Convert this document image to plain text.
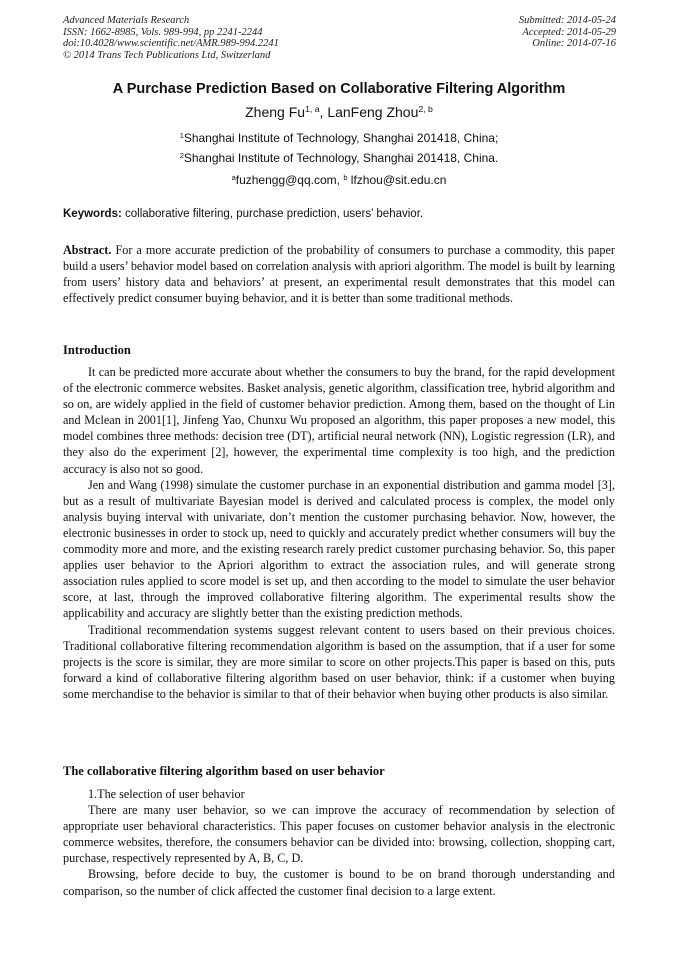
Advanced Materials Research
ISSN: 1662-8985, Vols. 989-994, pp 2241-2244
doi:10.4028/www.scientific.net/AMR.989-994.2241
© 2014 Trans Tech Publications Ltd, Switzerland
Submitted: 2014-05-24
Accepted: 2014-05-29
Online: 2014-07-16
A Purchase Prediction Based on Collaborative Filtering Algorithm
Zheng Fu$^{1, a}$, LanFeng Zhou$^{2, b}$
$^1$Shanghai Institute of Technology, Shanghai 201418, China;
$^2$Shanghai Institute of Technology, Shanghai 201418, China.
$^a$fuzhengg@qq.com, $^b$ lfzhou@sit.edu.cn
Keywords: collaborative filtering, purchase prediction, users’ behavior.

Abstract. For a more accurate prediction of the probability of consumers to purchase a commodity, this paper build a users’ behavior model based on correlation analysis with apriori algorithm. The model is built by learning from users’ history data and behaviors’ at present, an experimental result demonstrates that this model can effectively predict consumer buying behavior, and it is better than some traditional methods.

Introduction

It can be predicted more accurate about whether the consumers to buy the brand, for the rapid development of the electronic commerce websites. Basket analysis, genetic algorithm, classification tree, hybrid algorithm and so on, are widely applied in the field of customer behavior prediction. Among them, based on the thought of Lin and Mclean in 2001[1], Jinfeng Yao, Chunxu Wu proposed an algorithm, this paper proposes a new model, this model combines three methods: decision tree (DT), artificial neural network (NN), Logistic regression (LR), and they also do the experiment [2], however, the experimental time complexity is too high, and the prediction accuracy is also not so good.

Jen and Wang (1998) simulate the customer purchase in an exponential distribution and gamma model [3], but as a result of multivariate Bayesian model is derived and calculated process is complex, the model only analysis buying interval with univariate, don’t mention the customer purchasing behavior. Now, however, the electronic businesses in order to stock up, need to quickly and accurately predict whether consumers will buy the commodity more and more, and the existing research rarely predict customer purchasing behavior. So, this paper applies user behavior to the Apriori algorithm to extract the association rules, and will generate strong association rules applied to score model is set up, and then according to the model to simulate the user behavior score, at last, through the improved collaborative filtering algorithm. The experimental results show the applicability and accuracy are slightly better than the existing prediction methods.

Traditional recommendation systems suggest relevant content to users based on their previous choices. Traditional collaborative filtering recommendation algorithm is based on the assumption, that if a user for some projects is the score is similar, they are more similar to score on other projects.This paper is based on this, puts forward a kind of collaborative filtering algorithm based on user behavior, think: if a customer when buying some merchandise to the behavior is similar to that of their behavior when buying other products is also similar.

The collaborative filtering algorithm based on user behavior

1.The selection of user behavior

There are many user behavior, so we can improve the accuracy of recommendation by selection of appropriate user behavioral characteristics. This paper focuses on customer behavior analysis in the electronic commerce websites, therefore, the consumers behavior can be divided into: browsing, collection, shopping cart, purchase, respectively represented by A, B, C, D.

Browsing, before decide to buy, the customer is bound to be on brand thorough understanding and comparison, so the number of click affected the customer final decision to a large extent.
